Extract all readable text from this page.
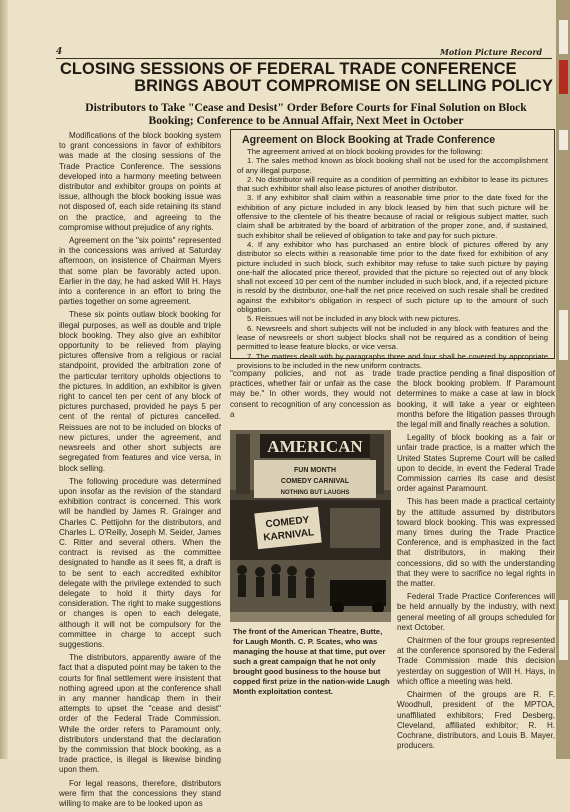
4	Motion Picture Record
CLOSING SESSIONS OF FEDERAL TRADE CONFERENCE
BRINGS ABOUT COMPROMISE ON SELLING POLICY
Distributors to Take "Cease and Desist" Order Before Courts for Final Solution on Block
Booking; Conference to be Annual Affair, Next Meet in October

Modifications of the block booking system to grant concessions in favor of exhibitors was made at the closing sessions of the Trade Practice Conference. The sessions developed into a harmony meeting between distributor and exhibitor groups on points at issue, although the block booking issue was not disposed of, each side retaining its stand on the practice, and agreeing to the compromise without prejudice of any rights.

Agreement on the "six points" represented in the concessions was arrived at Saturday afternoon, on insistence of Chairman Myers that some plan be favorably acted upon. Earlier in the day, he had asked Will H. Hays into a conference in an effort to bring the parties together on some agreement.

These six points outlaw block booking for illegal purposes, as well as double and triple block booking. They also give an exhibitor opportunity to be relieved from playing pictures offensive from a religious or racial standpoint, provided the arbitration zone of the particular territory upholds objections to the pictures. In addition, an exhibitor is given right to cancel ten per cent of any block of pictures purchased, provided he pays 5 per cent of the rental of pictures cancelled. Reissues are not to be included on blocks of new pictures, under the agreement, and newsreels and other short subjects are segregated from features and vice versa, in block selling.

The following procedure was determined upon insofar as the revision of the standard exhibition contract is concerned. This work will be handled by James R. Grainger and Charles C. Pettijohn for the distributors, and Charles L. O'Reilly, Joseph M. Seider, James C. Ritter and several others. When the contract is revised as the committee designated to handle as it sees fit, a draft is to be sent to each accredited exhibitor delegate with the privilege extended to such delegate to hold it thirty days for consideration. The right to make suggestions or changes is open to each delegate, although it will not be compulsory for the committee in charge to accept such suggestions.

The distributors, apparently aware of the fact that a disputed point may be taken to the courts for final settlement were insistent that nothing agreed upon at the conference shall in any manner handicap them in their attempts to upset the "cease and desist" order of the Federal Trade Commission. While the order refers to Paramount only, distributors understand that the declaration by the commission that block booking, as a trade practice, is illegal is likewise binding upon them.

For legal reasons, therefore, distributors were firm that the concessions they stand willing to make are to be looked upon as

Agreement on Block Booking at Trade Conference

The agreement arrived at on block booking provides for the following:

1. The sales method known as block booking shall not be used for the accomplishment of any illegal purpose.

2. No distributor will require as a condition of permitting an exhibitor to lease its pictures that such exhibitor shall also lease pictures of another distributor.

3. If any exhibitor shall claim within a reasonable time prior to the date fixed for the exhibition of any picture included in any block leased by him that such picture will be offensive to the clientele of his theatre because of racial or religious subject matter, such claim shall be arbitrated by the board of arbitration of the proper zone, and, if sustained, such exhibitor shall be relieved of obligation to take and pay for such picture.

4. If any exhibitor who has purchased an entire block of pictures offered by any distributor so elects within a reasonable time prior to the date fixed for exhibition of any picture included in such block, such exhibitor may refuse to take such picture by paying one-half the allocated price thereof, provided that the picture so rejected out of any block shall not exceed 10 per cent of the number included in such block, and, if a rejected picture is resold by the distributor, one-half the net price received on such resale shall be credited against the exhibitor's obligation in respect of such picture up to the amount of such obligation.

5. Reissues will not be included in any block with new pictures.

6. Newsreels and short subjects will not be included in any block with features and the lease of newsreels or short subject blocks shall not be required as a condition of being permitted to lease feature blocks, or vice versa.

7. The matters dealt with by paragraphs three and four shall be covered by appropriate provisions to be included in the new uniform contracts.

"company policies, and not as trade practices, whether fair or unfair as the case may be." In other words, they would not consent to recognition of any concession as a

AMERICAN
FUN MONTH
COMEDY CARNIVAL
NOTHING BUT LAUGHS
COMEDY
KARNIVAL
The front of the American Theatre, Butte, for Laugh Month. C. P. Scates, who was managing the house at that time, put over such a great campaign that he not only brought good business to the house but copped first prize in the nation-wide Laugh Month exploitation contest.

trade practice pending a final disposition of the block booking problem. If Paramount determines to make a case at law in block booking, it will take a year or eighteen months before the litigation passes through the legal mill and finally reaches a solution.

Legality of block booking as a fair or unfair trade practice, is a matter which the United States Supreme Court will be called upon to decide, in event the Federal Trade Commission carries its case and desist order against Paramount.

This has been made a practical certainty by the attitude assumed by distributors toward block booking. This was expressed many times during the Trade Practice Conference, and is emphasized in the fact that distributors, in making their concessions, did so with the understanding that they were to sacrifice no legal rights in the matter.

Federal Trade Practice Conferences will be held annually by the industry, with next general meeting of all groups scheduled for next October.

Chairmen of the four groups represented at the conference sponsored by the Federal Trade Commission made this decision yesterday on suggestion of Will H. Hays, in which office a meeting was held.

Chairmen of the groups are R. F. Woodhull, president of the MPTOA, unaffiliated exhibitors; Fred Desberg, Cleveland, affiliated exhibitor; R. H. Cochrane, distributors, and Louis B. Mayer, producers.
